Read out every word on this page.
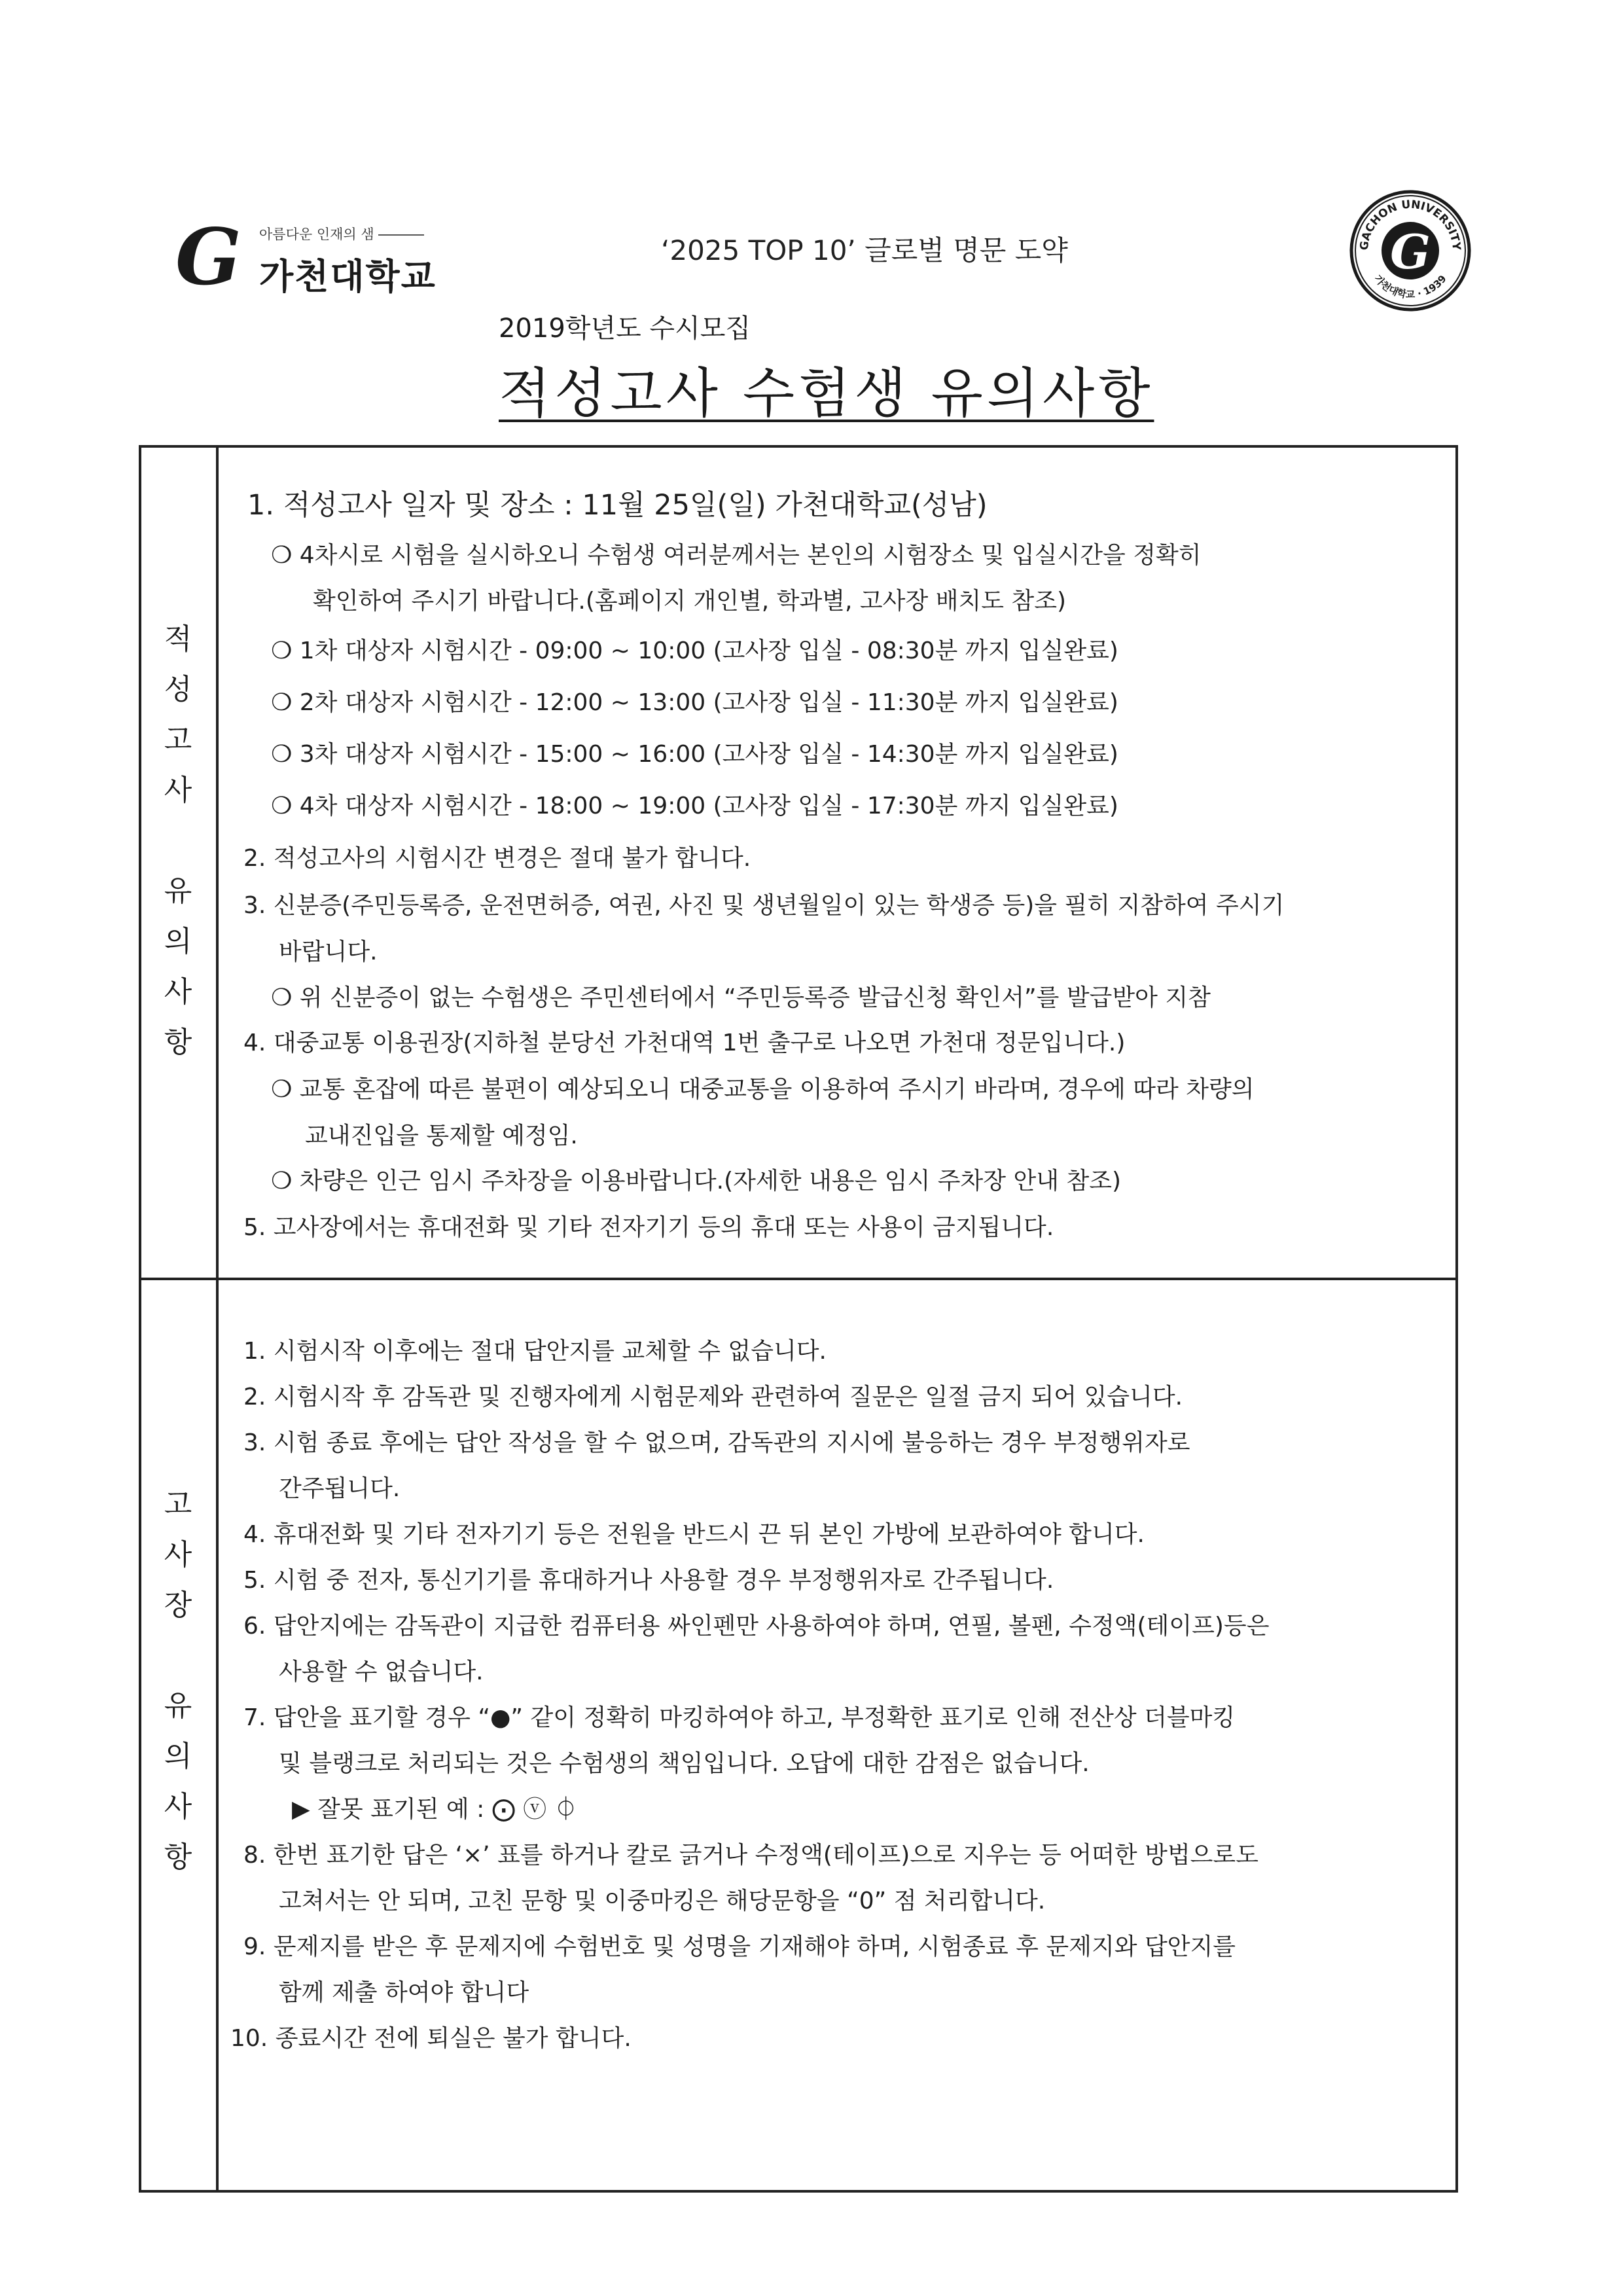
G 아름다운 인재의 샘
가천대학교
‘2025 TOP 10’ 글로벌 명문 도약	G
GACHON UNIVERSITY
가천대학교 · 1939
2019학년도 수시모집
적성고사 수험생 유의사항
적
성
고
사

유
의
사
항
1. 적성고사 일자 및 장소 : 11월 25일(일) 가천대학교(성남)
❍ 4차시로 시험을 실시하오니 수험생 여러분께서는 본인의 시험장소 및 입실시간을 정확히
확인하여 주시기 바랍니다.(홈페이지 개인별, 학과별, 고사장 배치도 참조)
❍ 1차 대상자 시험시간 - 09:00 ~ 10:00 (고사장 입실 - 08:30분 까지 입실완료)
❍ 2차 대상자 시험시간 - 12:00 ~ 13:00 (고사장 입실 - 11:30분 까지 입실완료)
❍ 3차 대상자 시험시간 - 15:00 ~ 16:00 (고사장 입실 - 14:30분 까지 입실완료)
❍ 4차 대상자 시험시간 - 18:00 ~ 19:00 (고사장 입실 - 17:30분 까지 입실완료)
2. 적성고사의 시험시간 변경은 절대 불가 합니다.
3. 신분증(주민등록증, 운전면허증, 여권, 사진 및 생년월일이 있는 학생증 등)을 필히 지참하여 주시기
바랍니다.
❍ 위 신분증이 없는 수험생은 주민센터에서 “주민등록증 발급신청 확인서”를 발급받아 지참
4. 대중교통 이용권장(지하철 분당선 가천대역 1번 출구로 나오면 가천대 정문입니다.)
❍ 교통 혼잡에 따른 불편이 예상되오니 대중교통을 이용하여 주시기 바라며, 경우에 따라 차량의
교내진입을 통제할 예정임.
❍ 차량은 인근 임시 주차장을 이용바랍니다.(자세한 내용은 임시 주차장 안내 참조)
5. 고사장에서는 휴대전화 및 기타 전자기기 등의 휴대 또는 사용이 금지됩니다.
고
사
장

유
의
사
항
1. 시험시작 이후에는 절대 답안지를 교체할 수 없습니다.
2. 시험시작 후 감독관 및 진행자에게 시험문제와 관련하여 질문은 일절 금지 되어 있습니다.
3. 시험 종료 후에는 답안 작성을 할 수 없으며, 감독관의 지시에 불응하는 경우 부정행위자로
간주됩니다.
4. 휴대전화 및 기타 전자기기 등은 전원을 반드시 끈 뒤 본인 가방에 보관하여야 합니다.
5. 시험 중 전자, 통신기기를 휴대하거나 사용할 경우 부정행위자로 간주됩니다.
6. 답안지에는 감독관이 지급한 컴퓨터용 싸인펜만 사용하여야 하며, 연필, 볼펜, 수정액(테이프)등은
사용할 수 없습니다.
7. 답안을 표기할 경우 “●” 같이 정확히 마킹하여야 하고, 부정확한 표기로 인해 전산상 더블마킹
및 블랭크로 처리되는 것은 수험생의 책임입니다. 오답에 대한 감점은 없습니다.
▶ 잘못 표기된 예 : ⨀ ⓥ ⏀
8. 한번 표기한 답은 ‘×’ 표를 하거나 칼로 긁거나 수정액(테이프)으로 지우는 등 어떠한 방법으로도
고쳐서는 안 되며, 고친 문항 및 이중마킹은 해당문항을 “0” 점 처리합니다.
9. 문제지를 받은 후 문제지에 수험번호 및 성명을 기재해야 하며, 시험종료 후 문제지와 답안지를
함께 제출 하여야 합니다
10. 종료시간 전에 퇴실은 불가 합니다.
